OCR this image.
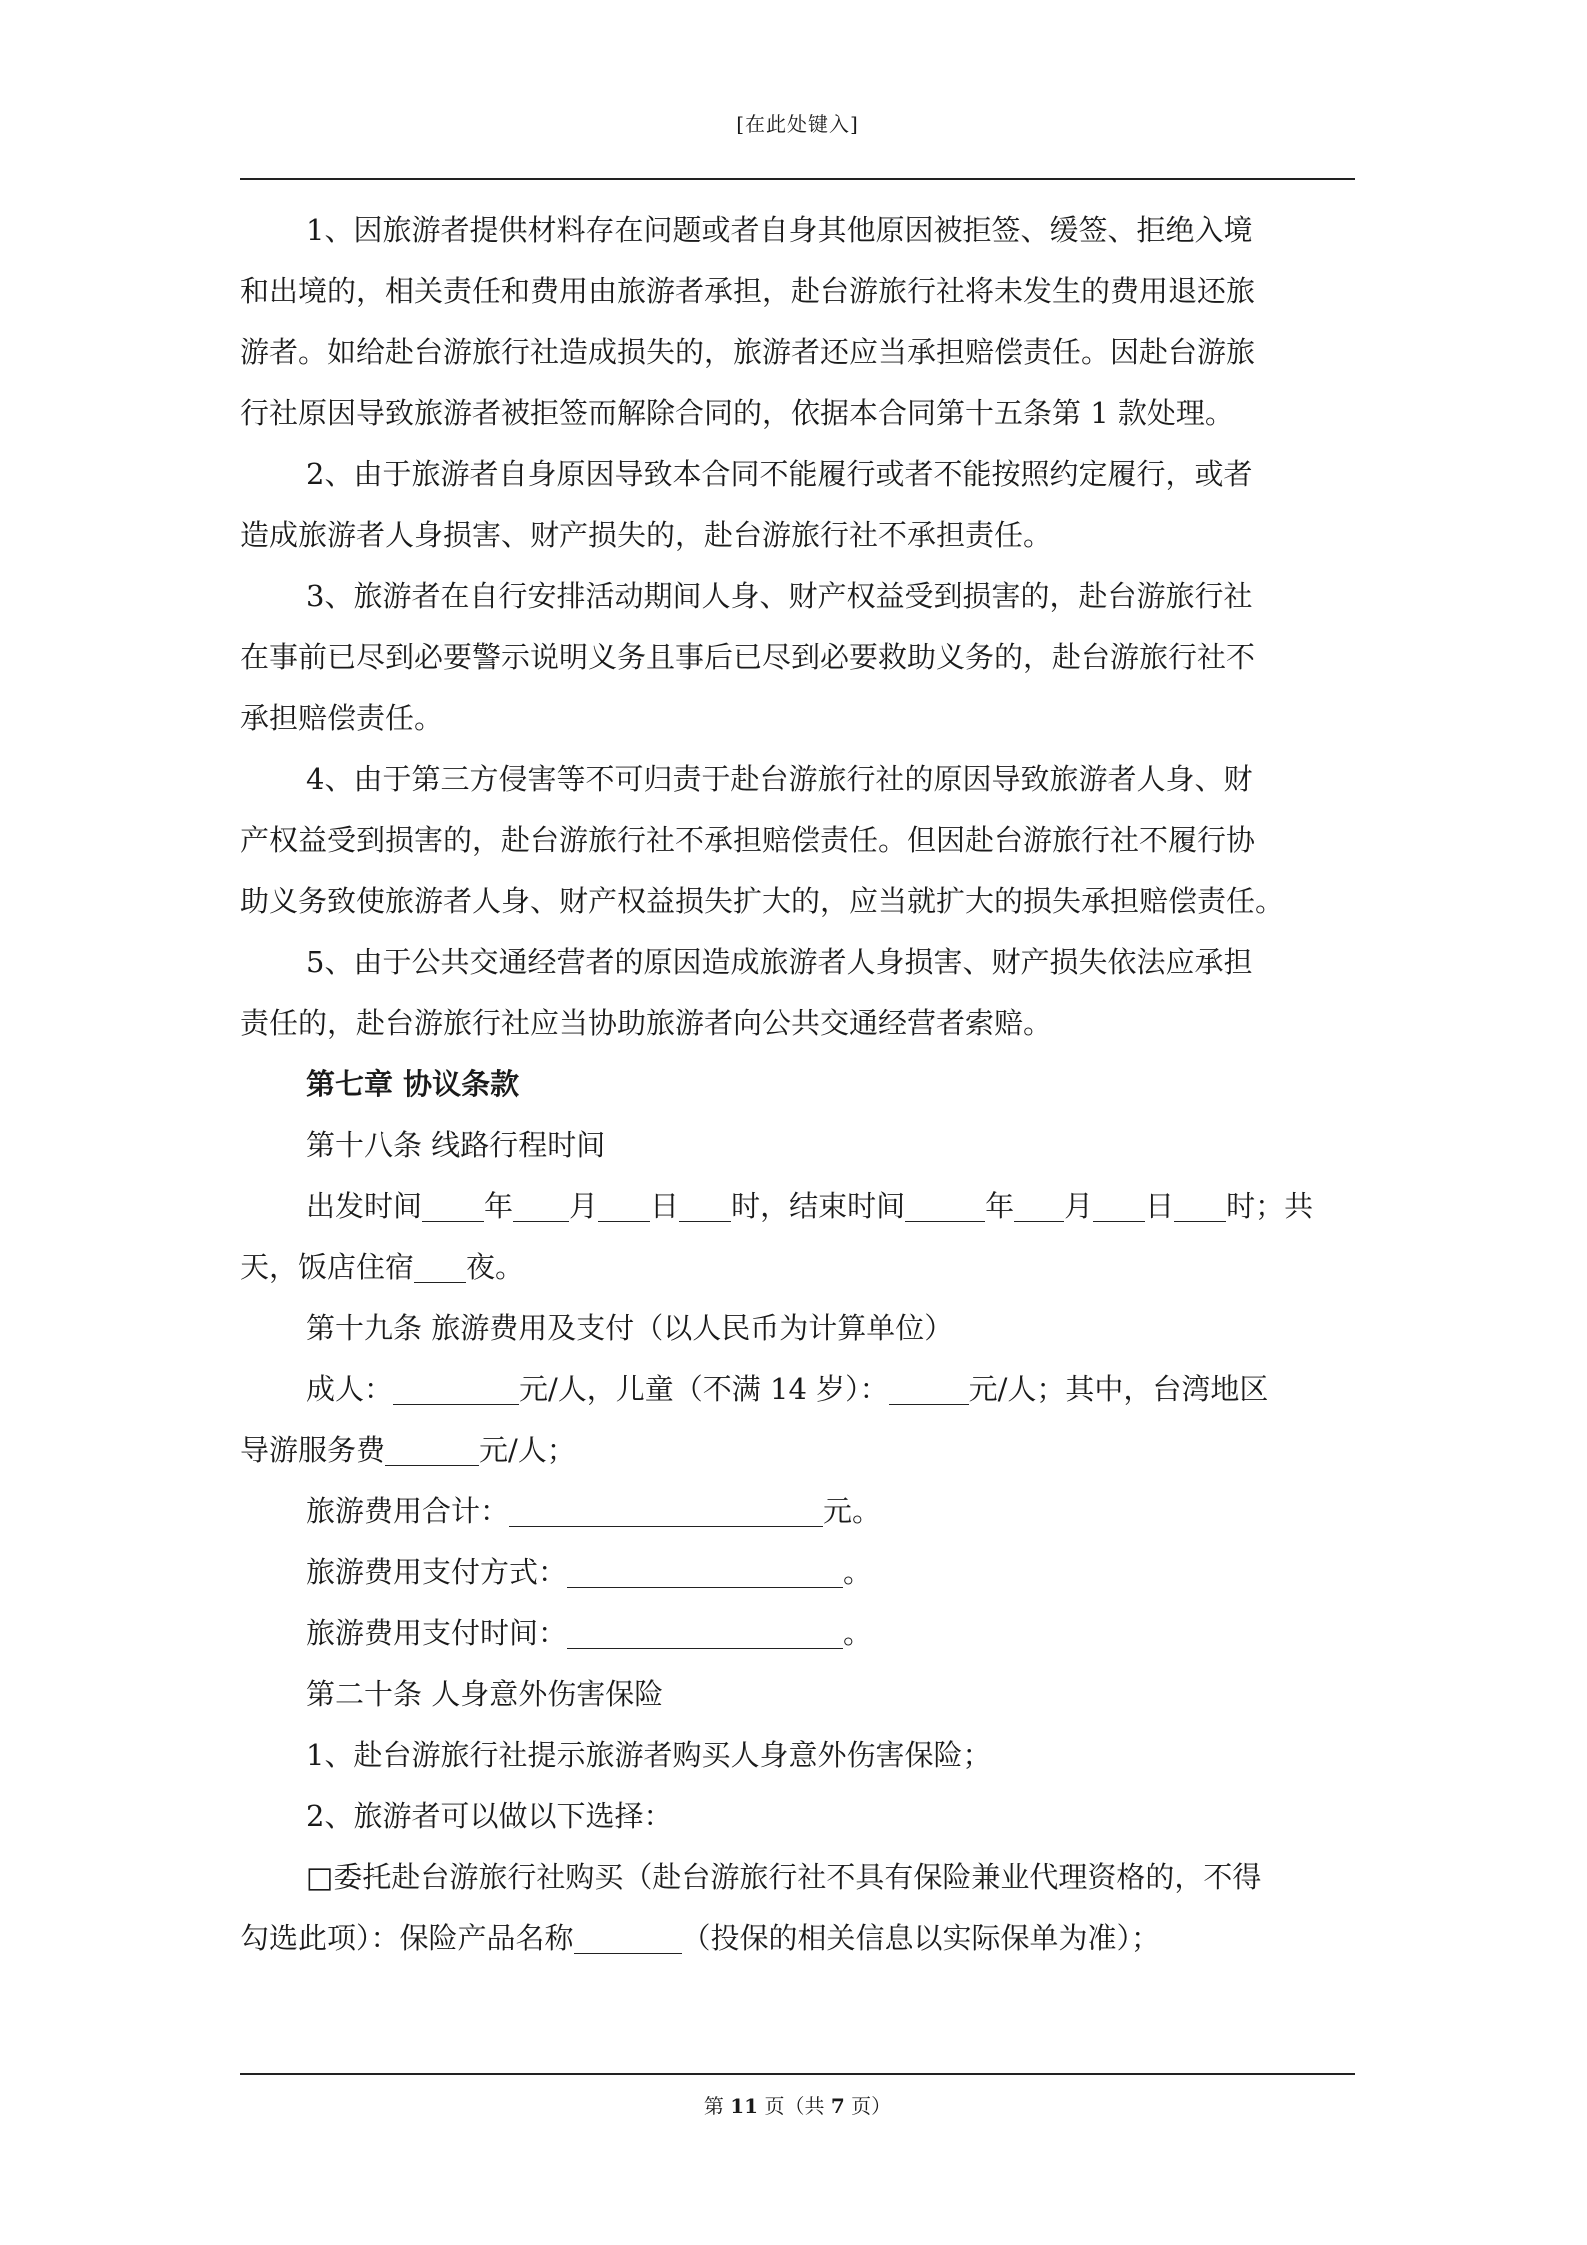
[在此处键入]
1、因旅游者提供材料存在问题或者自身其他原因被拒签、缓签、拒绝入境
和出境的，相关责任和费用由旅游者承担，赴台游旅行社将未发生的费用退还旅
游者。如给赴台游旅行社造成损失的，旅游者还应当承担赔偿责任。因赴台游旅
行社原因导致旅游者被拒签而解除合同的，依据本合同第十五条第 1 款处理。
2、由于旅游者自身原因导致本合同不能履行或者不能按照约定履行，或者
造成旅游者人身损害、财产损失的，赴台游旅行社不承担责任。
3、旅游者在自行安排活动期间人身、财产权益受到损害的，赴台游旅行社
在事前已尽到必要警示说明义务且事后已尽到必要救助义务的，赴台游旅行社不
承担赔偿责任。
4、由于第三方侵害等不可归责于赴台游旅行社的原因导致旅游者人身、财
产权益受到损害的，赴台游旅行社不承担赔偿责任。但因赴台游旅行社不履行协
助义务致使旅游者人身、财产权益损失扩大的，应当就扩大的损失承担赔偿责任。
5、由于公共交通经营者的原因造成旅游者人身损害、财产损失依法应承担
责任的，赴台游旅行社应当协助旅游者向公共交通经营者索赔。
第七章 协议条款
第十八条 线路行程时间
出发时间 年 月 日 时，结束时间	年 月 日 时；共
天，饭店住宿 夜。
第十九条 旅游费用及支付（以人民币为计算单位）
成人：	元/人，儿童（不满 14 岁）：	元/人；其中，台湾地区
导游服务费	元/人；
旅游费用合计：	元。
旅游费用支付方式：	。
旅游费用支付时间：	。
第二十条 人身意外伤害保险
1、赴台游旅行社提示旅游者购买人身意外伤害保险；
2、旅游者可以做以下选择：
□委托赴台游旅行社购买（赴台游旅行社不具有保险兼业代理资格的，不得
勾选此项）：保险产品名称	（投保的相关信息以实际保单为准）；
第 11 页（共 7 页）
